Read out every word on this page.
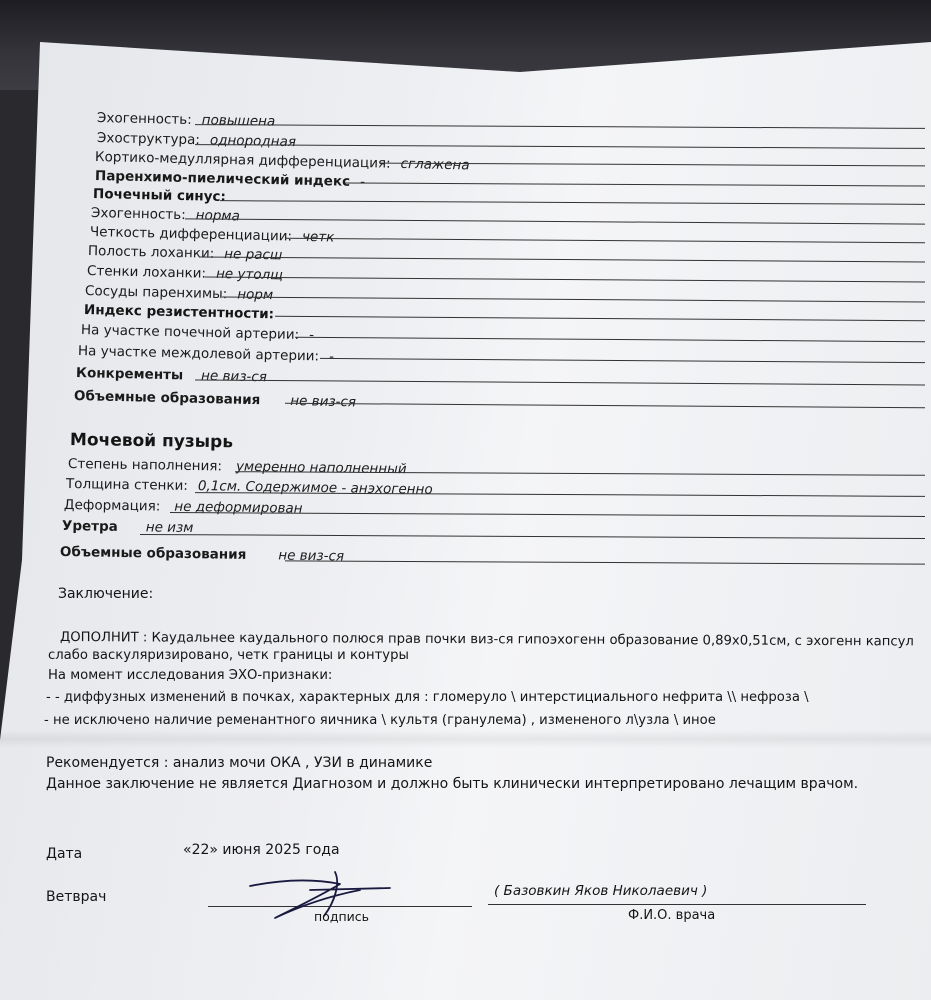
Эхогенность: повышена
Эхоструктура: однородная
Кортико-медуллярная дифференциация: сглажена
Паренхимо-пиелический индекс -
Почечный синус:
Эхогенность: норма
Четкость дифференциации: четк
Полость лоханки: не расш
Стенки лоханки: не утолщ
Сосуды паренхимы: норм
Индекс резистентности:
На участке почечной артерии: -
На участке междолевой артерии: -
Конкременты не виз-ся
Объемные образования не виз-ся
Мочевой пузырь
Степень наполнения: умеренно наполненный
Толщина стенки: 0,1см. Содержимое - анэхогенно
Деформация: не деформирован
Уретра не изм
Объемные образования не виз-ся
Заключение:
ДОПОЛНИТ : Каудальнее каудального полюся прав почки виз-ся гипоэхогенн образование 0,89х0,51см, с эхогенн капсул
слабо васкуляризировано, четк границы и контуры
На момент исследования ЭХО-признаки:
- - диффузных изменений в почках, характерных для : гломеруло \ интерстициального нефрита \\ нефроза \
- не исключено наличие ременантного яичника \ культя (гранулема) , измененого л\узла \ иное
Рекомендуется : анализ мочи ОКА , УЗИ в динамике
Данное заключение не является Диагнозом и должно быть клинически интерпретировано лечащим врачом.
Дата	«22» июня 2025 года
Ветврач
подпись
( Базовкин Яков Николаевич )
Ф.И.О. врача
